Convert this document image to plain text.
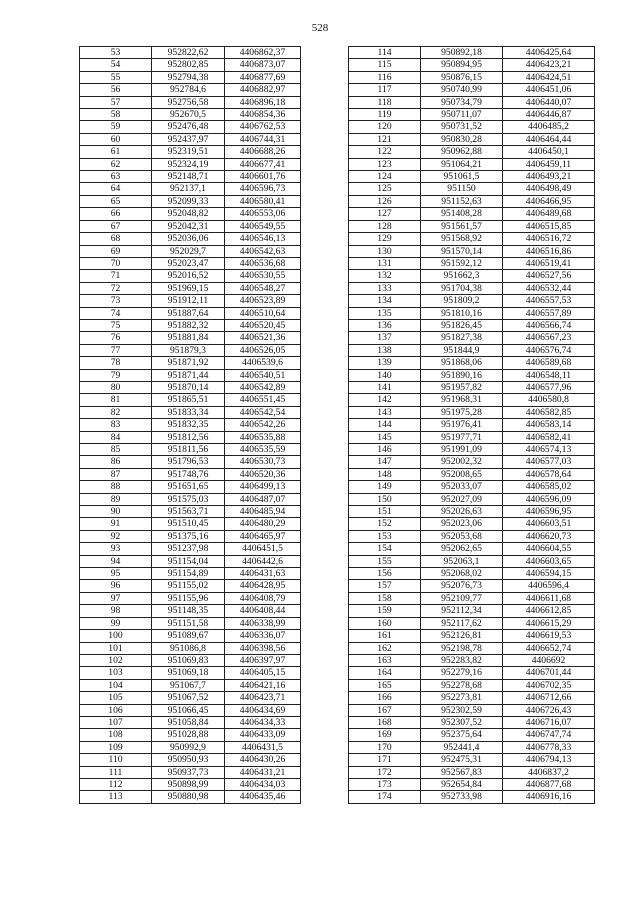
528
53	952822,62	4406862,37
54	952802,85	4406873,07
55	952794,38	4406877,69
56	952784,6	4406882,97
57	952756,58	4406896,18
58	952670,5	4406854,36
59	952476,48	4406762,53
60	952437,97	4406744,31
61	952319,51	4406688,26
62	952324,19	4406677,41
63	952148,71	4406601,76
64	952137,1	4406596,73
65	952099,33	4406580,41
66	952048,82	4406553,06
67	952042,31	4406549,55
68	952036,06	4406546,13
69	952029,7	4406542,63
70	952023,47	4406536,68
71	952016,52	4406530,55
72	951969,15	4406548,27
73	951912,11	4406523,89
74	951887,64	4406510,64
75	951882,32	4406520,45
76	951881,84	4406521,36
77	951879,3	4406526,05
78	951871,92	4406539,6
79	951871,44	4406540,51
80	951870,14	4406542,89
81	951865,51	4406551,45
82	951833,34	4406542,54
83	951832,35	4406542,26
84	951812,56	4406535,88
85	951811,56	4406535,59
86	951796,53	4406530,73
87	951748,76	4406520,36
88	951651,65	4406499,13
89	951575,03	4406487,07
90	951563,71	4406485,94
91	951510,45	4406480,29
92	951375,16	4406465,97
93	951237,98	4406451,5
94	951154,04	4406442,6
95	951154,89	4406431,63
96	951155,02	4406428,95
97	951155,96	4406408,79
98	951148,35	4406408,44
99	951151,58	4406338,99
100	951089,67	4406336,07
101	951086,8	4406398,56
102	951069,83	4406397,97
103	951069,18	4406405,15
104	951067,7	4406421,16
105	951067,52	4406423,71
106	951066,45	4406434,69
107	951058,84	4406434,33
108	951028,88	4406433,09
109	950992,9	4406431,5
110	950950,93	4406430,26
111	950937,73	4406431,21
112	950898,99	4406434,03
113	950880,98	4406435,46
114	950892,18	4406425,64
115	950894,95	4406423,21
116	950876,15	4406424,51
117	950740,99	4406451,06
118	950734,79	4406440,07
119	950711,07	4406446,87
120	950731,52	4406485,2
121	950830,28	4406464,44
122	950962,88	4406450,1
123	951064,21	4406459,11
124	951061,5	4406493,21
125	951150	4406498,49
126	951152,63	4406466,95
127	951408,28	4406489,68
128	951561,57	4406515,85
129	951568,92	4406516,72
130	951570,14	4406516,86
131	951592,12	4406519,41
132	951662,3	4406527,56
133	951704,38	4406532,44
134	951809,2	4406557,53
135	951810,16	4406557,89
136	951826,45	4406566,74
137	951827,38	4406567,23
138	951844,9	4406576,74
139	951868,06	4406589,68
140	951890,16	4406548,11
141	951957,82	4406577,96
142	951968,31	4406580,8
143	951975,28	4406582,85
144	951976,41	4406583,14
145	951977,71	4406582,41
146	951991,09	4406574,13
147	952002,32	4406577,03
148	952008,65	4406578,64
149	952033,07	4406585,02
150	952027,09	4406596,09
151	952026,63	4406596,95
152	952023,06	4406603,51
153	952053,68	4406620,73
154	952062,65	4406604,55
155	952063,1	4406603,65
156	952068,02	4406594,15
157	952076,73	4406596,4
158	952109,77	4406611,68
159	952112,34	4406612,85
160	952117,62	4406615,29
161	952126,81	4406619,53
162	952198,78	4406652,74
163	952283,82	4406692
164	952279,16	4406701,44
165	952278,68	4406702,35
166	952273,81	4406712,66
167	952302,59	4406726,43
168	952307,52	4406716,07
169	952375,64	4406747,74
170	952441,4	4406778,33
171	952475,31	4406794,13
172	952567,83	4406837,2
173	952654,84	4406877,68
174	952733,98	4406916,16
